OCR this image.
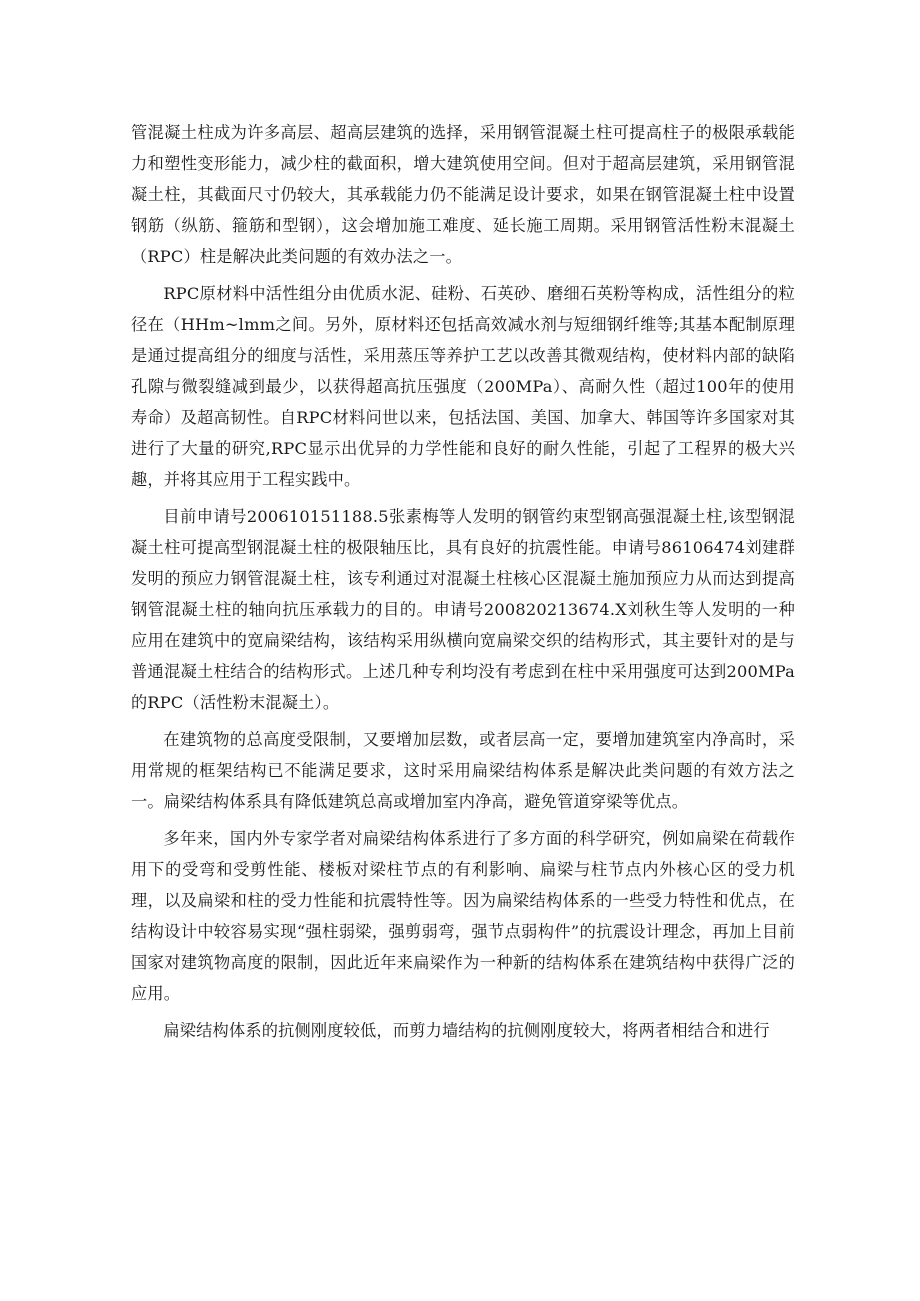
管混凝土柱成为许多高层、超高层建筑的选择，采用钢管混凝土柱可提高柱子的极限承载能力和塑性变形能力，减少柱的截面积，增大建筑使用空间。但对于超高层建筑，采用钢管混凝土柱，其截面尺寸仍较大，其承载能力仍不能满足设计要求，如果在钢管混凝土柱中设置钢筋（纵筋、箍筋和型钢），这会增加施工难度、延长施工周期。采用钢管活性粉末混凝土（RPC）柱是解决此类问题的有效办法之一。

RPC原材料中活性组分由优质水泥、硅粉、石英砂、磨细石英粉等构成，活性组分的粒径在（HHm~lmm之间。另外，原材料还包括高效减水剂与短细钢纤维等;其基本配制原理是通过提高组分的细度与活性，采用蒸压等养护工艺以改善其微观结构，使材料内部的缺陷孔隙与微裂缝减到最少，以获得超高抗压强度（200MPa）、高耐久性（超过100年的使用寿命）及超高韧性。自RPC材料问世以来，包括法国、美国、加拿大、韩国等许多国家对其进行了大量的研究,RPC显示出优异的力学性能和良好的耐久性能，引起了工程界的极大兴趣，并将其应用于工程实践中。

目前申请号200610151188.5张素梅等人发明的钢管约束型钢高强混凝土柱,该型钢混凝土柱可提高型钢混凝土柱的极限轴压比，具有良好的抗震性能。申请号86106474刘建群发明的预应力钢管混凝土柱，该专利通过对混凝土柱核心区混凝土施加预应力从而达到提高钢管混凝土柱的轴向抗压承载力的目的。申请号200820213674.X刘秋生等人发明的一种应用在建筑中的宽扁梁结构，该结构采用纵横向宽扁梁交织的结构形式，其主要针对的是与普通混凝土柱结合的结构形式。上述几种专利均没有考虑到在柱中采用强度可达到200MPa的RPC（活性粉末混凝土）。

在建筑物的总高度受限制，又要增加层数，或者层高一定，要增加建筑室内净高时，采用常规的框架结构已不能满足要求，这时采用扁梁结构体系是解决此类问题的有效方法之一。扁梁结构体系具有降低建筑总高或增加室内净高，避免管道穿梁等优点。

多年来，国内外专家学者对扁梁结构体系进行了多方面的科学研究，例如扁梁在荷载作用下的受弯和受剪性能、楼板对梁柱节点的有利影响、扁梁与柱节点内外核心区的受力机理，以及扁梁和柱的受力性能和抗震特性等。因为扁梁结构体系的一些受力特性和优点，在结构设计中较容易实现“强柱弱梁，强剪弱弯，强节点弱构件”的抗震设计理念，再加上目前国家对建筑物高度的限制，因此近年来扁梁作为一种新的结构体系在建筑结构中获得广泛的应用。

扁梁结构体系的抗侧刚度较低，而剪力墙结构的抗侧刚度较大，将两者相结合和进行
